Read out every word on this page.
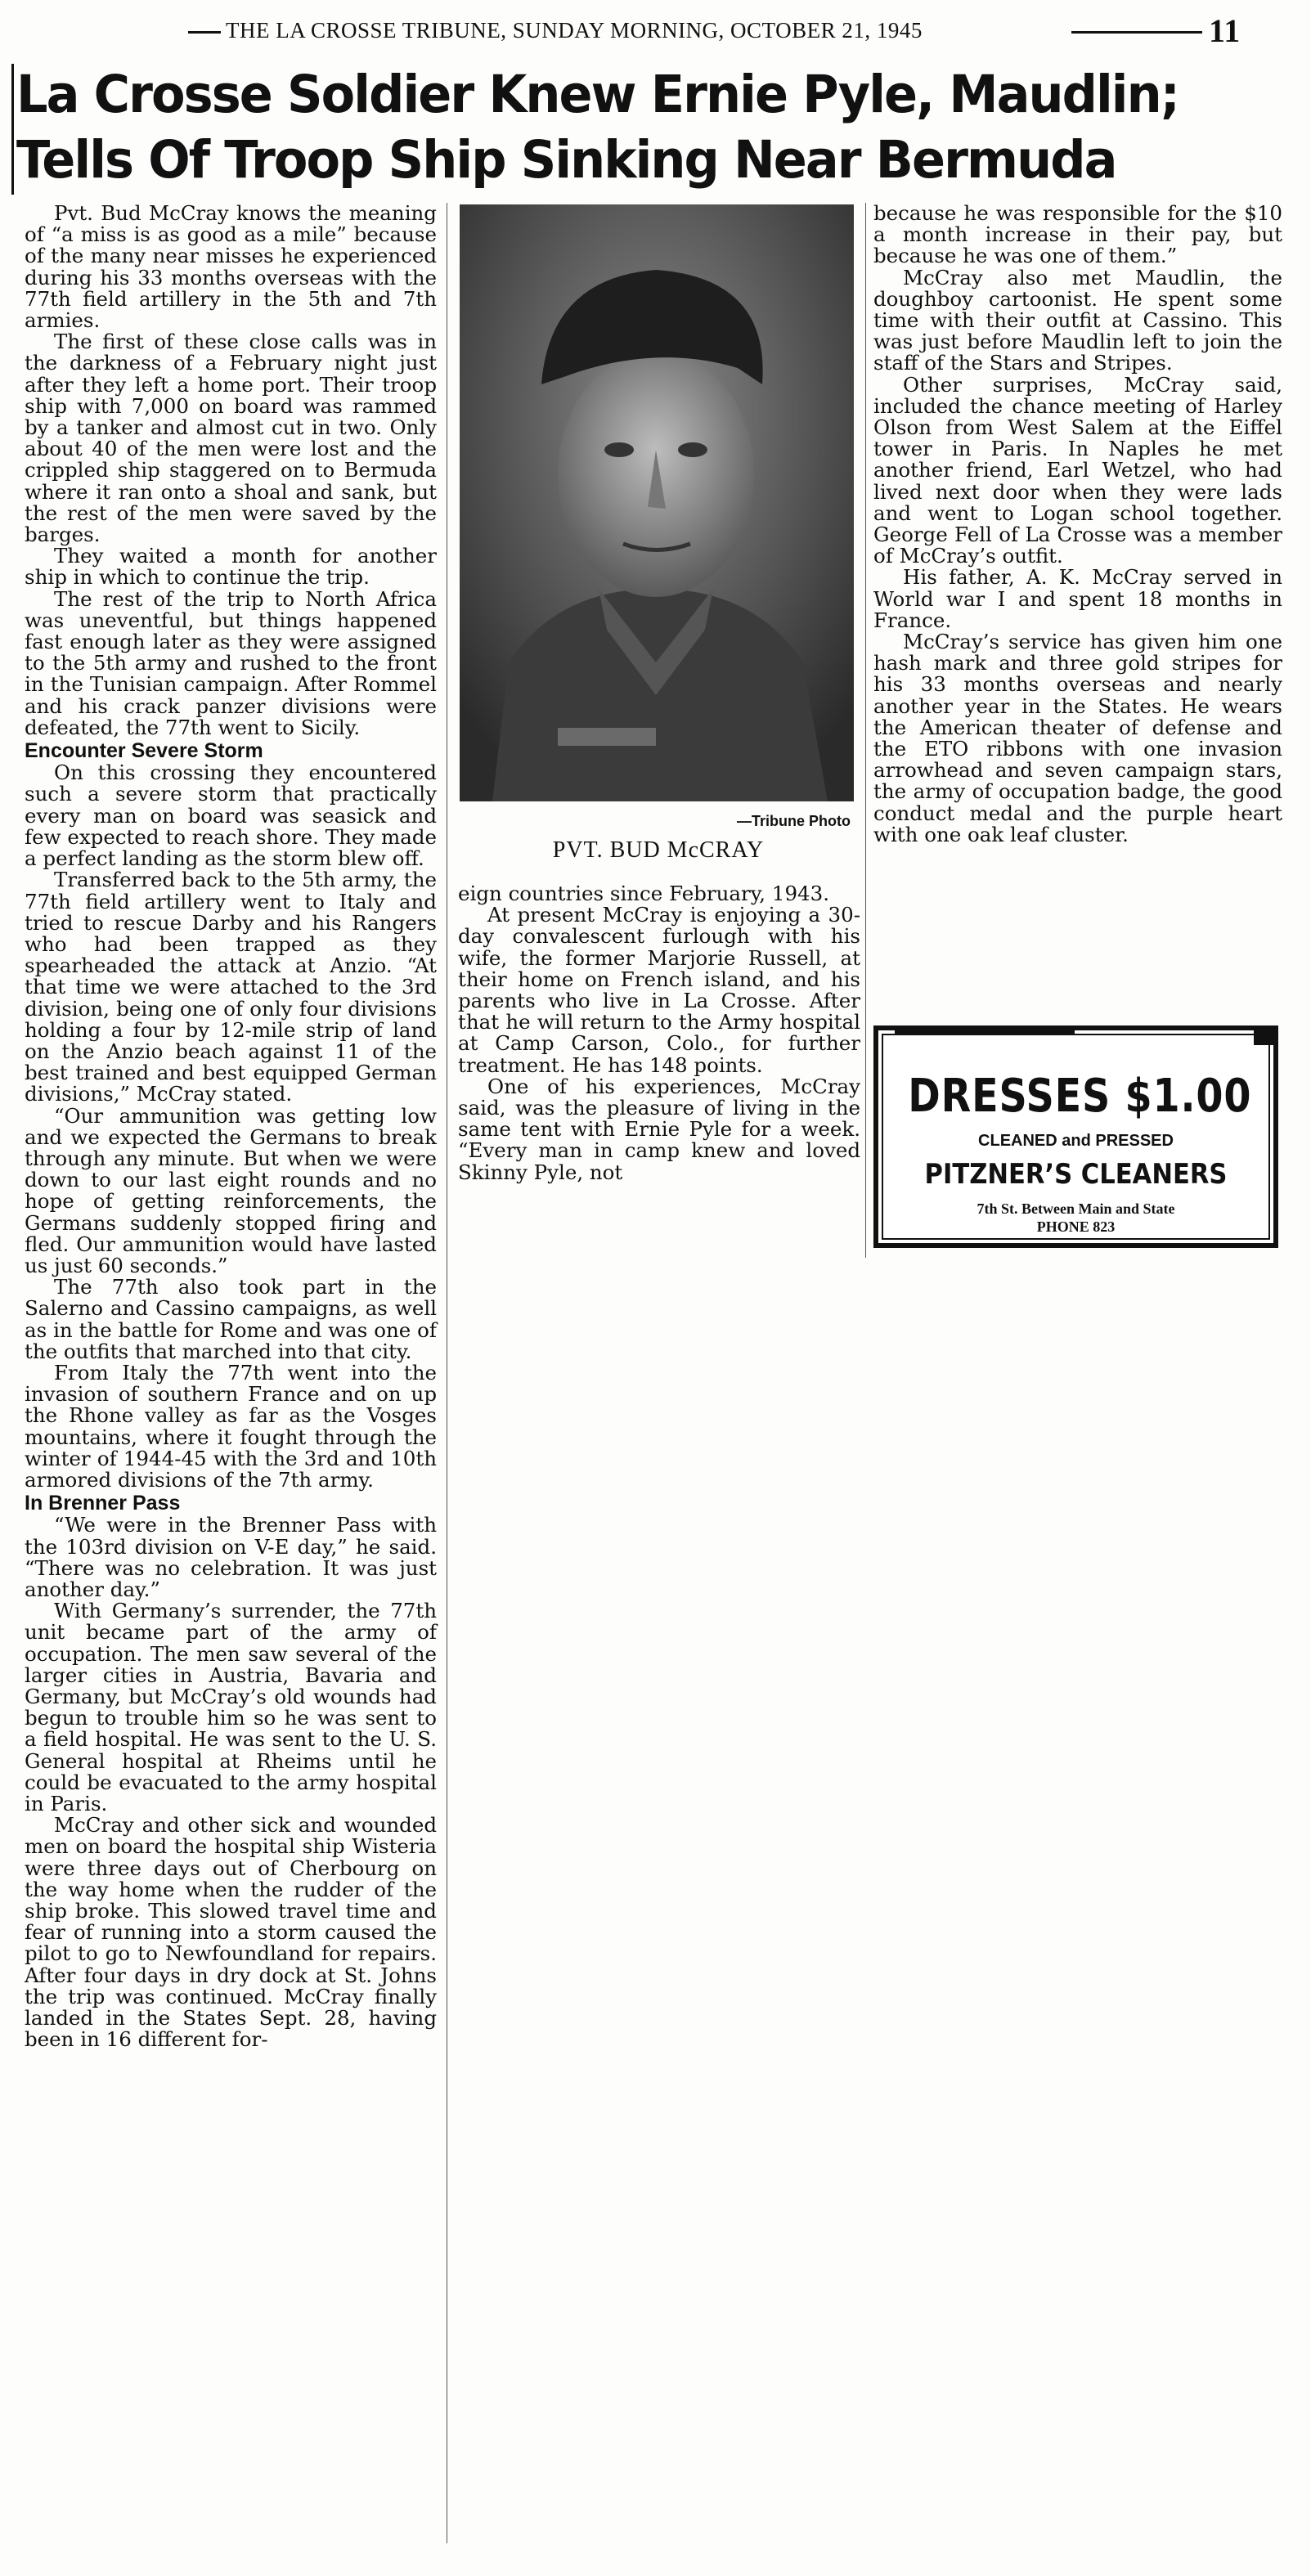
THE LA CROSSE TRIBUNE, SUNDAY MORNING, OCTOBER 21, 1945	11
La Crosse Soldier Knew Ernie Pyle, Maudlin;
Tells Of Troop Ship Sinking Near Bermuda

Pvt. Bud McCray knows the meaning of “a miss is as good as a mile” because of the many near misses he experienced during his 33 months overseas with the 77th field artillery in the 5th and 7th armies.

The first of these close calls was in the darkness of a February night just after they left a home port. Their troop ship with 7,000 on board was rammed by a tanker and almost cut in two. Only about 40 of the men were lost and the crippled ship staggered on to Bermuda where it ran onto a shoal and sank, but the rest of the men were saved by the barges.

They waited a month for another ship in which to continue the trip.

The rest of the trip to North Africa was uneventful, but things happened fast enough later as they were assigned to the 5th army and rushed to the front in the Tunisian campaign. After Rommel and his crack panzer divisions were defeated, the 77th went to Sicily.

Encounter Severe Storm

On this crossing they encountered such a severe storm that practically every man on board was seasick and few expected to reach shore. They made a perfect landing as the storm blew off.

Transferred back to the 5th army, the 77th field artillery went to Italy and tried to rescue Darby and his Rangers who had been trapped as they spearheaded the attack at Anzio. “At that time we were attached to the 3rd division, being one of only four divisions holding a four by 12-mile strip of land on the Anzio beach against 11 of the best trained and best equipped German divisions,” McCray stated.

“Our ammunition was getting low and we expected the Germans to break through any minute. But when we were down to our last eight rounds and no hope of getting reinforcements, the Germans suddenly stopped firing and fled. Our ammunition would have lasted us just 60 seconds.”

The 77th also took part in the Salerno and Cassino campaigns, as well as in the battle for Rome and was one of the outfits that marched into that city.

From Italy the 77th went into the invasion of southern France and on up the Rhone valley as far as the Vosges mountains, where it fought through the winter of 1944-45 with the 3rd and 10th armored divisions of the 7th army.

In Brenner Pass

“We were in the Brenner Pass with the 103rd division on V-E day,” he said. “There was no celebration. It was just another day.”

With Germany’s surrender, the 77th unit became part of the army of occupation. The men saw several of the larger cities in Austria, Bavaria and Germany, but McCray’s old wounds had begun to trouble him so he was sent to a field hospital. He was sent to the U. S. General hospital at Rheims until he could be evacuated to the army hospital in Paris.

McCray and other sick and wounded men on board the hospital ship Wisteria were three days out of Cherbourg on the way home when the rudder of the ship broke. This slowed travel time and fear of running into a storm caused the pilot to go to Newfoundland for repairs. After four days in dry dock at St. Johns the trip was continued. McCray finally landed in the States Sept. 28, having been in 16 different for-

—Tribune Photo
PVT. BUD McCRAY

eign countries since February, 1943.

At present McCray is enjoying a 30-day convalescent furlough with his wife, the former Marjorie Russell, at their home on French island, and his parents who live in La Crosse. After that he will return to the Army hospital at Camp Carson, Colo., for further treatment. He has 148 points.

One of his experiences, McCray said, was the pleasure of living in the same tent with Ernie Pyle for a week. “Every man in camp knew and loved Skinny Pyle, not

because he was responsible for the $10 a month increase in their pay, but because he was one of them.”

McCray also met Maudlin, the doughboy cartoonist. He spent some time with their outfit at Cassino. This was just before Maudlin left to join the staff of the Stars and Stripes.

Other surprises, McCray said, included the chance meeting of Harley Olson from West Salem at the Eiffel tower in Paris. In Naples he met another friend, Earl Wetzel, who had lived next door when they were lads and went to Logan school together. George Fell of La Crosse was a member of McCray’s outfit.

His father, A. K. McCray served in World war I and spent 18 months in France.

McCray’s service has given him one hash mark and three gold stripes for his 33 months overseas and nearly another year in the States. He wears the American theater of defense and the ETO ribbons with one invasion arrowhead and seven campaign stars, the army of occupation badge, the good conduct medal and the purple heart with one oak leaf cluster.

DRESSES $1.00
CLEANED and PRESSED
PITZNER’S CLEANERS
7th St. Between Main and State
PHONE 823
